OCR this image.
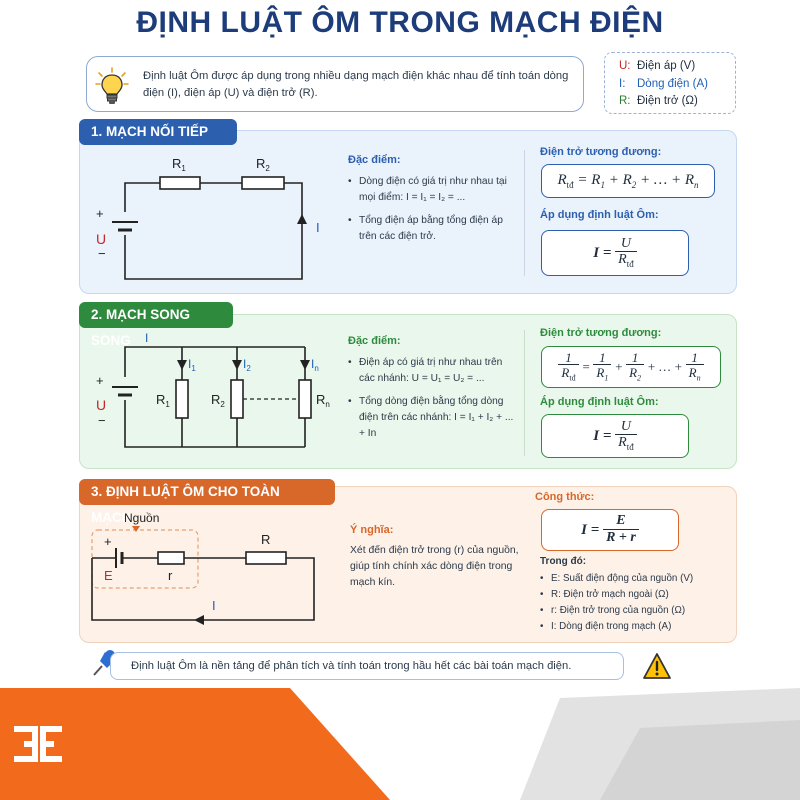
ĐỊNH LUẬT ÔM TRONG MẠCH ĐIỆN
Định luật Ôm được áp dụng trong nhiều dạng mạch điện khác nhau để tính toán dòng điện (I), điện áp (U) và điện trở (R).
U: Điện áp (V)
I: Dòng điện (A)
R: Điện trở (Ω)
1. MẠCH NỐI TIẾP
$R_1$	$R_2$
+
U
−
I
Đặc điểm:
• Dòng điện có giá trị như nhau tại mọi điểm: I = I₁ = I₂ = ...
• Tổng điện áp bằng tổng điện áp trên các điện trở.
Điện trở tương đương:
$R_{tđ} = R_1 + R_2$ + … + $R_n$
Áp dụng định luật Ôm:
$I = \frac{U}{R_{tđ}}$
2. MẠCH SONG SONG	I
$I_1$	$I_2$	$I_n$
$R_1$	$R_2$	$R_n$
+
U
−
Đặc điểm:
• Điện áp có giá trị như nhau trên các nhánh: U = U₁ = U₂ = ...
• Tổng dòng điện bằng tổng dòng điện trên các nhánh: I = I₁ + I₂ + ... + In
Điện trở tương đương:
$\frac{1}{R_{tđ}} = \frac{1}{R_1} + \frac{1}{R_2}$ + … + $\frac{1}{R_n}$
Áp dụng định luật Ôm:
$I = \frac{U}{R_{tđ}}$
3. ĐỊNH LUẬT ÔM CHO TOÀN MẠCH
Nguồn
+
E	r
R
I
Ý nghĩa:
Xét đến điện trở trong (r) của nguồn, giúp tính chính xác dòng điện trong mạch kín.
Công thức:
$I = \frac{E}{R + r}$
Trong đó:
• E: Suất điện động của nguồn (V)
• R: Điện trở mạch ngoài (Ω)
• r: Điện trở trong của nguồn (Ω)
• I: Dòng điện trong mạch (A)
Định luật Ôm là nền tảng để phân tích và tính toán trong hầu hết các bài toán mạch điện.
